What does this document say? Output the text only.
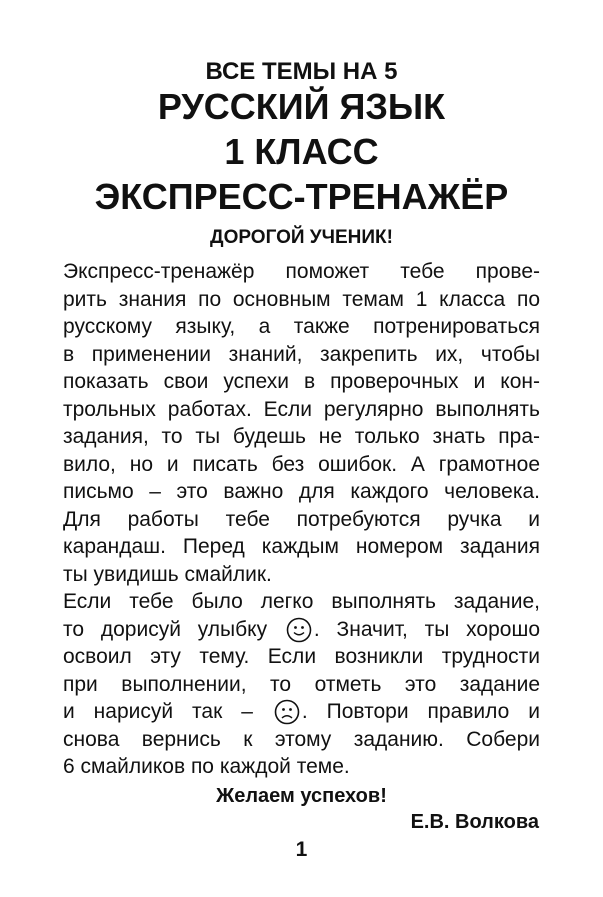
ВСЕ ТЕМЫ НА 5
РУССКИЙ ЯЗЫК
1 КЛАСС
ЭКСПРЕСС-ТРЕНАЖЁР
ДОРОГОЙ УЧЕНИК!
Экспресс-тренажёр поможет тебе прове-
рить знания по основным темам 1 класса по
русскому языку, а также потренироваться
в применении знаний, закрепить их, чтобы
показать свои успехи в проверочных и кон-
трольных работах. Если регулярно выполнять
задания, то ты будешь не только знать пра-
вило, но и писать без ошибок. А грамотное
письмо – это важно для каждого человека.
Для работы тебе потребуются ручка и
карандаш. Перед каждым номером задания
ты увидишь смайлик.
Если тебе было легко выполнять задание,
то дорисуй улыбку . Значит, ты хорошо
освоил эту тему. Если возникли трудности
при выполнении, то отметь это задание
и нарисуй так – . Повтори правило и
снова вернись к этому заданию. Собери
6 смайликов по каждой теме.
Желаем успехов!
Е.В. Волкова
1
